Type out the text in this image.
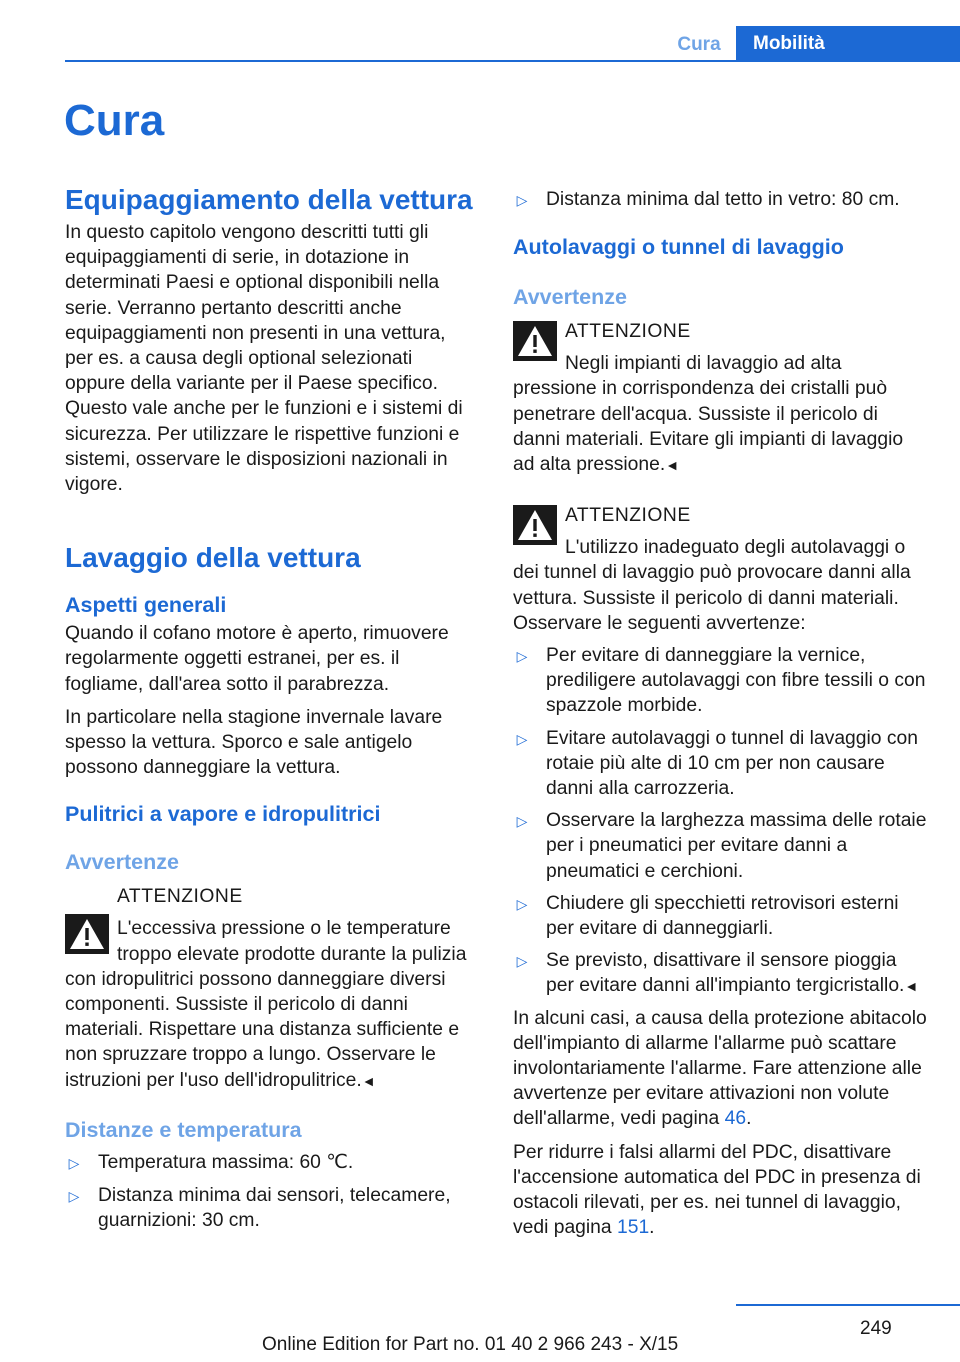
Cura	Mobilità
Cura
Equipaggiamento della vettura

In questo capitolo vengono descritti tutti gli equipaggiamenti di serie, in dotazione in determinati Paesi e optional disponibili nella serie. Verranno pertanto descritti anche equipaggiamenti non presenti in una vettura, per es. a causa degli optional selezionati oppure della variante per il Paese specifico. Questo vale anche per le funzioni e i sistemi di sicurezza. Per utilizzare le rispettive funzioni e sistemi, osservare le disposizioni nazionali in vigore.

Lavaggio della vettura
Aspetti generali

Quando il cofano motore è aperto, rimuovere regolarmente oggetti estranei, per es. il fogliame, dall'area sotto il parabrezza.

In particolare nella stagione invernale lavare spesso la vettura. Sporco e sale antigelo possono danneggiare la vettura.

Pulitrici a vapore e idropulitrici
Avvertenze
ATTENZIONE
L'eccessiva pressione o le temperature troppo elevate prodotte durante la pulizia con idropulitrici possono danneggiare diversi componenti. Sussiste il pericolo di danni materiali. Rispettare una distanza sufficiente e non spruzzare troppo a lungo. Osservare le istruzioni per l'uso dell'idropulitrice.◄
Distanze e temperatura
▷ Temperatura massima: 60 ℃.
▷ Distanza minima dai sensori, telecamere, guarnizioni: 30 cm.
▷ Distanza minima dal tetto in vetro: 80 cm.
Autolavaggi o tunnel di lavaggio
Avvertenze
ATTENZIONE
Negli impianti di lavaggio ad alta pressione in corrispondenza dei cristalli può penetrare dell'acqua. Sussiste il pericolo di danni materiali. Evitare gli impianti di lavaggio ad alta pressione.◄
ATTENZIONE
L'utilizzo inadeguato degli autolavaggi o dei tunnel di lavaggio può provocare danni alla vettura. Sussiste il pericolo di danni materiali. Osservare le seguenti avvertenze:
▷ Per evitare di danneggiare la vernice, prediligere autolavaggi con fibre tessili o con spazzole morbide.
▷ Evitare autolavaggi o tunnel di lavaggio con rotaie più alte di 10 cm per non causare danni alla carrozzeria.
▷ Osservare la larghezza massima delle rotaie per i pneumatici per evitare danni a pneumatici e cerchioni.
▷ Chiudere gli specchietti retrovisori esterni per evitare di danneggiarli.
▷ Se previsto, disattivare il sensore pioggia per evitare danni all'impianto tergicristallo.◄

In alcuni casi, a causa della protezione abitacolo dell'impianto di allarme l'allarme può scattare involontariamente l'allarme. Fare attenzione alle avvertenze per evitare attivazioni non volute dell'allarme, vedi pagina 46.

Per ridurre i falsi allarmi del PDC, disattivare l'accensione automatica del PDC in presenza di ostacoli rilevati, per es. nei tunnel di lavaggio, vedi pagina 151.

249
Online Edition for Part no. 01 40 2 966 243 - X/15
